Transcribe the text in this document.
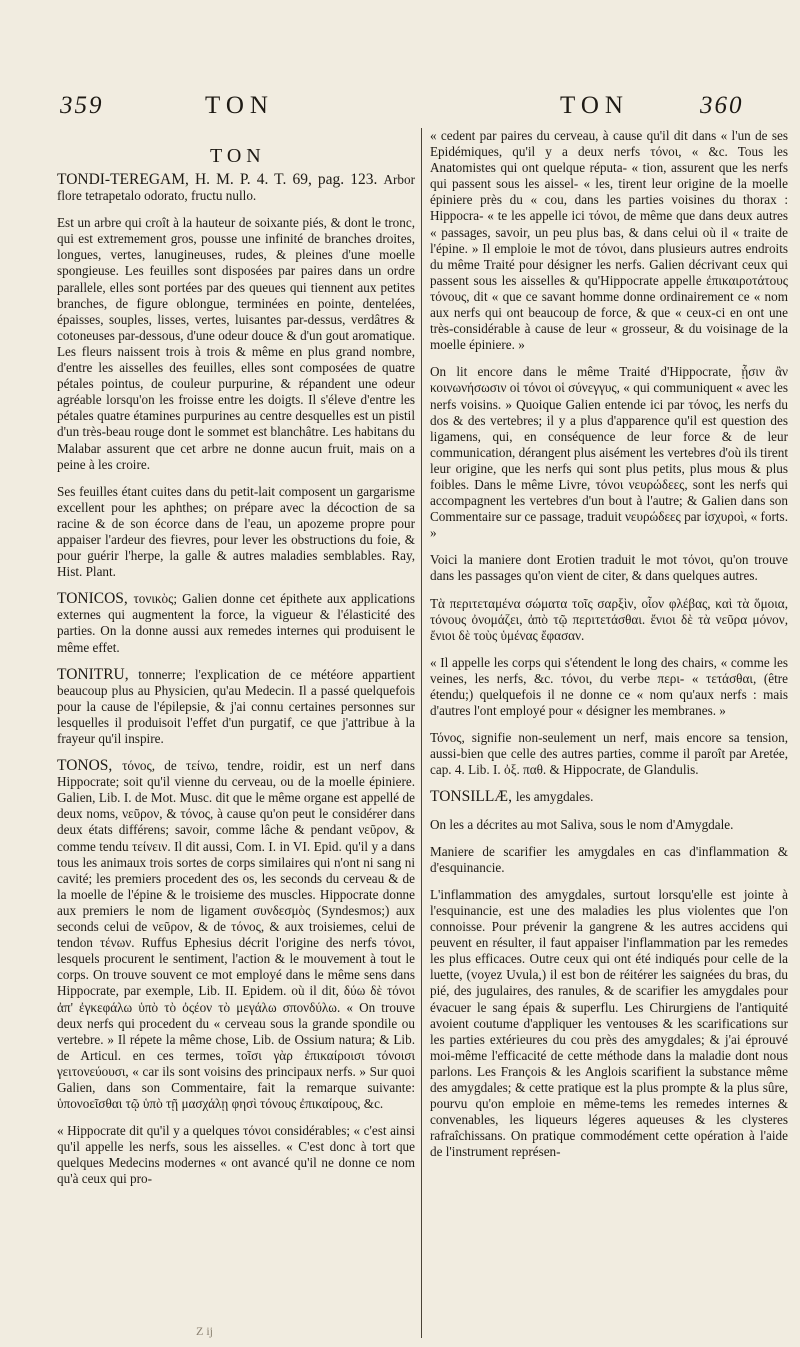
359	TON	TON	360
TON

TONDI-TEREGAM, H. M. P. 4. T. 69, pag. 123. Arbor flore tetrapetalo odorato, fructu nullo.

Est un arbre qui croît à la hauteur de soixante piés, & dont le tronc, qui est extremement gros, pousse une infinité de branches droites, longues, vertes, lanugineuses, rudes, & pleines d'une moelle spongieuse. Les feuilles sont disposées par paires dans un ordre parallele, elles sont portées par des queues qui tiennent aux petites branches, de figure oblongue, terminées en pointe, dentelées, épaisses, souples, lisses, vertes, luisantes par-dessus, verdâtres & cotoneuses par-dessous, d'une odeur douce & d'un gout aromatique. Les fleurs naissent trois à trois & même en plus grand nombre, d'entre les aisselles des feuilles, elles sont composées de quatre pétales pointus, de couleur purpurine, & répandent une odeur agréable lorsqu'on les froisse entre les doigts. Il s'éleve d'entre les pétales quatre étamines purpurines au centre desquelles est un pistil d'un très-beau rouge dont le sommet est blanchâtre. Les habitans du Malabar assurent que cet arbre ne donne aucun fruit, mais on a peine à les croire.

Ses feuilles étant cuites dans du petit-lait composent un gargarisme excellent pour les aphthes; on prépare avec la décoction de sa racine & de son écorce dans de l'eau, un apozeme propre pour appaiser l'ardeur des fievres, pour lever les obstructions du foie, & pour guérir l'herpe, la galle & autres maladies semblables. Ray, Hist. Plant.

TONICOS, τονικὸς; Galien donne cet épithete aux applications externes qui augmentent la force, la vigueur & l'élasticité des parties. On la donne aussi aux remedes internes qui produisent le même effet.

TONITRU, tonnerre; l'explication de ce météore appartient beaucoup plus au Physicien, qu'au Medecin. Il a passé quelquefois pour la cause de l'épilepsie, & j'ai connu certaines personnes sur lesquelles il produisoit l'effet d'un purgatif, ce que j'attribue à la frayeur qu'il inspire.

TONOS, τόνος, de τείνω, tendre, roidir, est un nerf dans Hippocrate; soit qu'il vienne du cerveau, ou de la moelle épiniere. Galien, Lib. I. de Mot. Musc. dit que le même organe est appellé de deux noms, νεῦρον, & τόνος, à cause qu'on peut le considérer dans deux états différens; savoir, comme lâche & pendant νεῦρον, & comme tendu τείνειν. Il dit aussi, Com. I. in VI. Epid. qu'il y a dans tous les animaux trois sortes de corps similaires qui n'ont ni sang ni cavité; les premiers procedent des os, les seconds du cerveau & de la moelle de l'épine & le troisieme des muscles. Hippocrate donne aux premiers le nom de ligament συνδεσμὸς (Syndesmos;) aux seconds celui de νεῦρον, & de τόνος, & aux troisiemes, celui de tendon τένων. Ruffus Ephesius décrit l'origine des nerfs τόνοι, lesquels procurent le sentiment, l'action & le mouvement à tout le corps. On trouve souvent ce mot employé dans le même sens dans Hippocrate, par exemple, Lib. II. Epidem. où il dit, δύω δὲ τόνοι ἀπ' ἐγκεφάλω ὑπὸ τὸ ὀςέον τὸ μεγάλω σπονδύλω. « On trouve deux nerfs qui procedent du « cerveau sous la grande spondile ou vertebre. » Il répete la même chose, Lib. de Ossium natura; & Lib. de Articul. en ces termes, τοῖσι γὰρ ἐπικαίροισι τόνοισι γειτονεύουσι, « car ils sont voisins des principaux nerfs. » Sur quoi Galien, dans son Commentaire, fait la remarque suivante: ὑπονοεῖσθαι τῷ ὑπὸ τῇ μασχάλῃ φησὶ τόνους ἐπικαίρους, &c.

« Hippocrate dit qu'il y a quelques τόνοι considérables; « c'est ainsi qu'il appelle les nerfs, sous les aisselles. « C'est donc à tort que quelques Medecins modernes « ont avancé qu'il ne donne ce nom qu'à ceux qui pro-

« cedent par paires du cerveau, à cause qu'il dit dans « l'un de ses Epidémiques, qu'il y a deux nerfs τόνοι, « &c. Tous les Anatomistes qui ont quelque réputa- « tion, assurent que les nerfs qui passent sous les aissel- « les, tirent leur origine de la moelle épiniere près du « cou, dans les parties voisines du thorax : Hippocra- « te les appelle ici τόνοι, de même que dans deux autres « passages, savoir, un peu plus bas, & dans celui où il « traite de l'épine. » Il emploie le mot de τόνοι, dans plusieurs autres endroits du même Traité pour désigner les nerfs. Galien décrivant ceux qui passent sous les aisselles & qu'Hippocrate appelle ἐπικαιροτάτους τόνους, dit « que ce savant homme donne ordinairement ce « nom aux nerfs qui ont beaucoup de force, & que « ceux-ci en ont une très-considérable à cause de leur « grosseur, & du voisinage de la moelle épiniere. »

On lit encore dans le même Traité d'Hippocrate, ᾗσιν ἂν κοινωνήσωσιν οἱ τόνοι οἱ σύνεγγυς, « qui communiquent « avec les nerfs voisins. » Quoique Galien entende ici par τόνος, les nerfs du dos & des vertebres; il y a plus d'apparence qu'il est question des ligamens, qui, en conséquence de leur force & de leur communication, dérangent plus aisément les vertebres d'où ils tirent leur origine, que les nerfs qui sont plus petits, plus mous & plus foibles. Dans le même Livre, τόνοι νευρώδεες, sont les nerfs qui accompagnent les vertebres d'un bout à l'autre; & Galien dans son Commentaire sur ce passage, traduit νευρώδεες par ἰσχυροὶ, « forts. »

Voici la maniere dont Erotien traduit le mot τόνοι, qu'on trouve dans les passages qu'on vient de citer, & dans quelques autres.

Τὰ περιτεταμένα σώματα τοῖς σαρξὶν, οἷον φλέβας, καὶ τὰ ὅμοια, τόνους ὀνομάζει, ἀπὸ τῷ περιτετάσθαι. ἔνιοι δὲ τὰ νεῦρα μόνον, ἔνιοι δὲ τοὺς ὑμένας ἔφασαν.

« Il appelle les corps qui s'étendent le long des chairs, « comme les veines, les nerfs, &c. τόνοι, du verbe περι- « τετάσθαι, (être étendu;) quelquefois il ne donne ce « nom qu'aux nerfs : mais d'autres l'ont employé pour « désigner les membranes. »

Τόνος, signifie non-seulement un nerf, mais encore sa tension, aussi-bien que celle des autres parties, comme il paroît par Aretée, cap. 4. Lib. I. ὀξ. παθ. & Hippocrate, de Glandulis.

TONSILLÆ, les amygdales.

On les a décrites au mot Saliva, sous le nom d'Amygdale.

Maniere de scarifier les amygdales en cas d'inflammation & d'esquinancie.

L'inflammation des amygdales, surtout lorsqu'elle est jointe à l'esquinancie, est une des maladies les plus violentes que l'on connoisse. Pour prévenir la gangrene & les autres accidens qui peuvent en résulter, il faut appaiser l'inflammation par les remedes les plus efficaces. Outre ceux qui ont été indiqués pour celle de la luette, (voyez Uvula,) il est bon de réitérer les saignées du bras, du pié, des jugulaires, des ranules, & de scarifier les amygdales pour évacuer le sang épais & superflu. Les Chirurgiens de l'antiquité avoient coutume d'appliquer les ventouses & les scarifications sur les parties extérieures du cou près des amygdales; & j'ai éprouvé moi-même l'efficacité de cette méthode dans la maladie dont nous parlons. Les François & les Anglois scarifient la substance même des amygdales; & cette pratique est la plus prompte & la plus sûre, pourvu qu'on emploie en même-tems les remedes internes & convenables, les liqueurs légeres aqueuses & les clysteres rafraîchissans. On pratique commodément cette opération à l'aide de l'instrument représen-

Z ij
